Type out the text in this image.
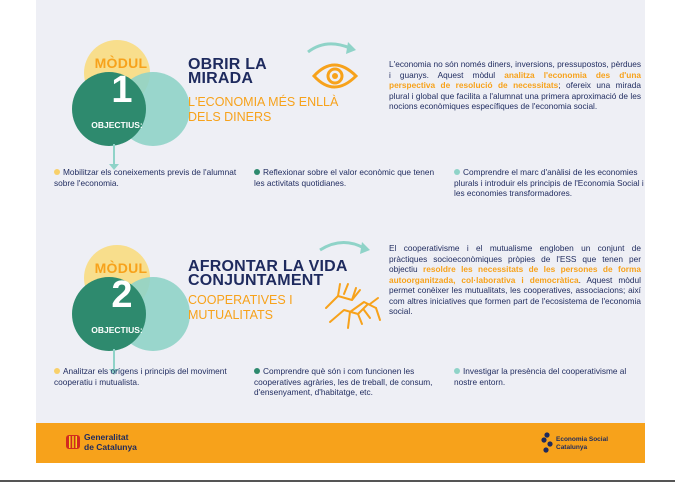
MÒDUL
1
OBJECTIUS:
OBRIR LA
MIRADA
L'ECONOMIA MÉS ENLLÀ
DELS DINERS
L'economia no són només diners, inversions, pressupostos, pèrdues i guanys. Aquest mòdul analitza l'economia des d'una perspectiva de resolució de necessitats; ofereix una mirada plural i global que facilita a l'alumnat una primera aproximació de les nocions econòmiques específiques de l'economia social.
Mobilitzar els coneixements previs de l'alumnat sobre l'economia.
Reflexionar sobre el valor econòmic que tenen les activitats quotidianes.
Comprendre el marc d'anàlisi de les economies plurals i introduir els principis de l'Economia Social i les economies transformadores.
MÒDUL
2
OBJECTIUS:
AFRONTAR LA VIDA
CONJUNTAMENT
COOPERATIVES I
MUTUALITATS
El cooperativisme i el mutualisme engloben un conjunt de pràctiques socioeconòmiques pròpies de l'ESS que tenen per objectiu resoldre les necessitats de les persones de forma autoorganitzada, col·laborativa i democràtica. Aquest mòdul permet conèixer les mutualitats, les cooperatives, associacions; així com altres iniciatives que formen part de l'ecosistema de l'economia social.
Analitzar els orígens i principis del moviment cooperatiu i mutualista.
Comprendre què són i com funcionen les cooperatives agràries, les de treball, de consum, d'ensenyament, d'habitatge, etc.
Investigar la presència del cooperativisme al nostre entorn.
Generalitat
de Catalunya
Economia Social
Catalunya
